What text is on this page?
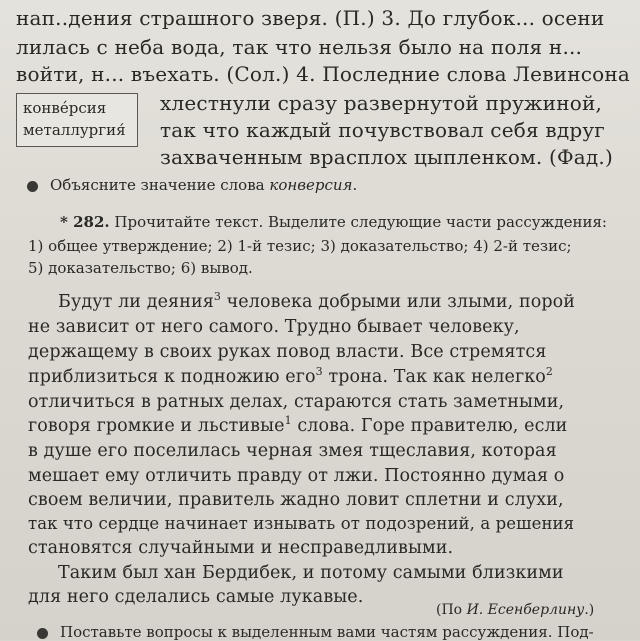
нап..дения страшного зверя. (П.) 3. До глубок... осени
лилась с неба вода, так что нельзя было на поля н...
войти, н... въехать. (Сол.) 4. Последние слова Левинсона
конвéрсия
металлургия́
хлестнули сразу развернутой пружиной,
так что каждый почувствовал себя вдруг
захваченным врасплох цыпленком. (Фад.)
Объясните значение слова конверсия.
* 282. Прочитайте текст. Выделите следующие части рассуждения:
1) общее утверждение; 2) 1-й тезис; 3) доказательство; 4) 2-й тезис;
5) доказательство; 6) вывод.
Будут ли деяния$^3$ человека добрыми или злыми, порой
не зависит от него самого. Трудно бывает человеку,
держащему в своих руках повод власти. Все стремятся
приблизиться к подножию его$^3$ трона. Так как нелегко$^2$
отличиться в ратных делах, стараются стать заметными,
говоря громкие и льстивые$^1$ слова. Горе правителю, если
в душе его поселилась черная змея тщеславия, которая
мешает ему отличить правду от лжи. Постоянно думая о
своем величии, правитель жадно ловит сплетни и слухи,
так что сердце начинает изнывать от подозрений, а решения
становятся случайными и несправедливыми.
Таким был хан Бердибек, и потому самыми близкими
для него сделались самые лукавые.
(По И. Есенберлину.)
Поставьте вопросы к выделенным вами частям рассуждения. Под-
